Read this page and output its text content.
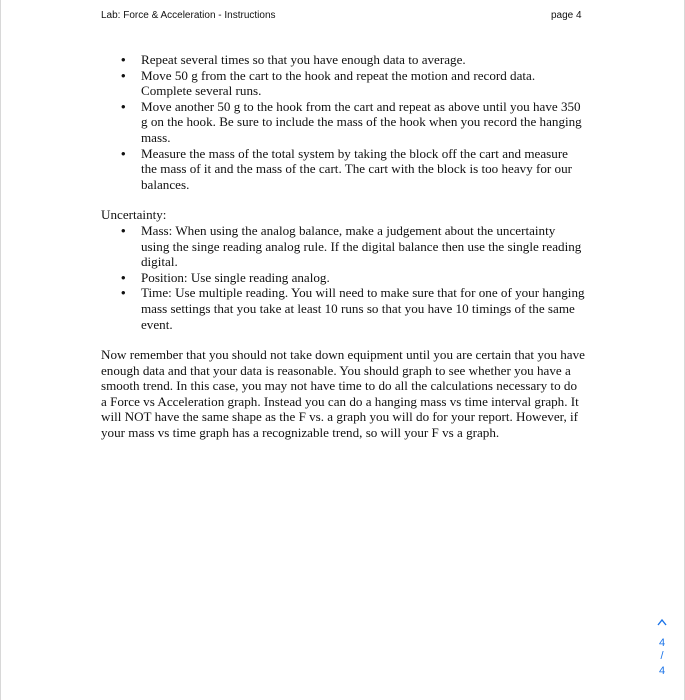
Lab: Force & Acceleration - Instructions	page 4
•	Repeat several times so that you have enough data to average.
•	Move 50 g from the cart to the hook and repeat the motion and record data. Complete several runs.
•	Move another 50 g to the hook from the cart and repeat as above until you have 350 g on the hook. Be sure to include the mass of the hook when you record the hanging mass.
•	Measure the mass of the total system by taking the block off the cart and measure the mass of it and the mass of the cart. The cart with the block is too heavy for our balances.
Uncertainty:
•	Mass: When using the analog balance, make a judgement about the uncertainty using the singe reading analog rule. If the digital balance then use the single reading digital.
•	Position: Use single reading analog.
•	Time: Use multiple reading. You will need to make sure that for one of your hanging mass settings that you take at least 10 runs so that you have 10 timings of the same event.
Now remember that you should not take down equipment until you are certain that you have enough data and that your data is reasonable. You should graph to see whether you have a smooth trend. In this case, you may not have time to do all the calculations necessary to do a Force vs Acceleration graph. Instead you can do a hanging mass vs time interval graph. It will NOT have the same shape as the F vs. a graph you will do for your report. However, if your mass vs time graph has a recognizable trend, so will your F vs a graph.
4
/
4
